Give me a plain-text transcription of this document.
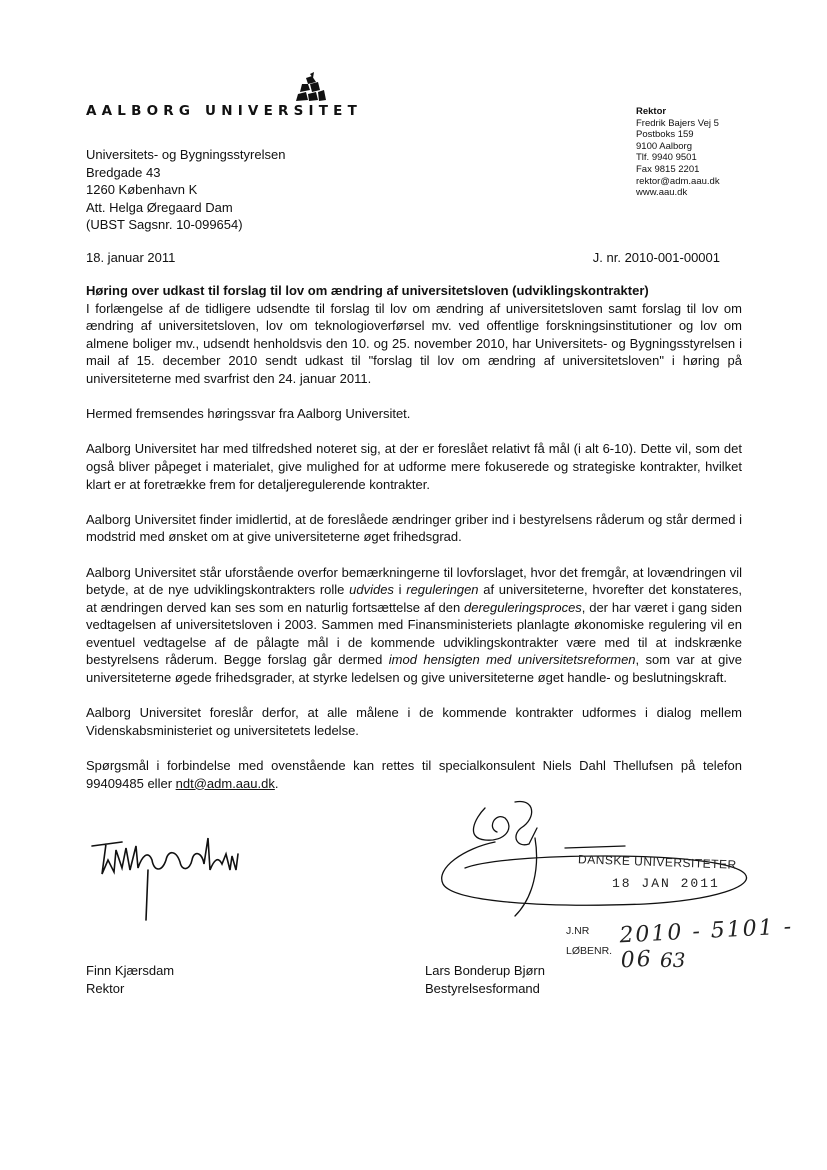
AALBORG UNIVERSITET	Rektor
Fredrik Bajers Vej 5
Postboks 159
9100 Aalborg
Tlf. 9940 9501
Fax 9815 2201
rektor@adm.aau.dk
www.aau.dk
Universitets- og Bygningsstyrelsen
Bredgade 43
1260 København K
Att. Helga Øregaard Dam
(UBST Sagsnr. 10-099654)
18. januar 2011	J. nr. 2010-001-00001

Høring over udkast til forslag til lov om ændring af universitetsloven (udviklingskontrakter)

I forlængelse af de tidligere udsendte til forslag til lov om ændring af universitetsloven samt forslag til lov om ændring af universitetsloven, lov om teknologioverførsel mv. ved offentlige forskningsinstitutioner og lov om almene boliger mv., udsendt henholdsvis den 10. og 25. november 2010, har Universitets- og Bygningsstyrelsen i mail af 15. december 2010 sendt udkast til "forslag til lov om ændring af universitetsloven" i høring på universiteterne med svarfrist den 24. januar 2011.

Hermed fremsendes høringssvar fra Aalborg Universitet.

Aalborg Universitet har med tilfredshed noteret sig, at der er foreslået relativt få mål (i alt 6-10). Dette vil, som det også bliver påpeget i materialet, give mulighed for at udforme mere fokuserede og strategiske kontrakter, hvilket klart er at foretrække frem for detaljeregulerende kontrakter.

Aalborg Universitet finder imidlertid, at de foreslåede ændringer griber ind i bestyrelsens råderum og står dermed i modstrid med ønsket om at give universiteterne øget frihedsgrad.

Aalborg Universitet står uforstående overfor bemærkningerne til lovforslaget, hvor det fremgår, at lovændringen vil betyde, at de nye udviklingskontrakters rolle udvides i reguleringen af universiteterne, hvorefter det konstateres, at ændringen derved kan ses som en naturlig fortsættelse af den dereguleringsproces, der har været i gang siden vedtagelsen af universitetsloven i 2003. Sammen med Finansministeriets planlagte økonomiske regulering vil en eventuel vedtagelse af de pålagte mål i de kommende udviklingskontrakter være med til at indskrænke bestyrelsens råderum. Begge forslag går dermed imod hensigten med universitetsreformen, som var at give universiteterne øgede frihedsgrader, at styrke ledelsen og give universiteterne øget handle- og beslutningskraft.

Aalborg Universitet foreslår derfor, at alle målene i de kommende kontrakter udformes i dialog mellem Videnskabsministeriet og universitetets ledelse.

Spørgsmål i forbindelse med ovenstående kan rettes til specialkonsulent Niels Dahl Thellufsen på telefon 99409485 eller ndt@adm.aau.dk.

DANSKE UNIVERSITETER
18 JAN 2011
J.NR
LØBENR.
2010 - 5101 - 06 63
Finn Kjærsdam
Rektor
Lars Bonderup Bjørn
Bestyrelsesformand
